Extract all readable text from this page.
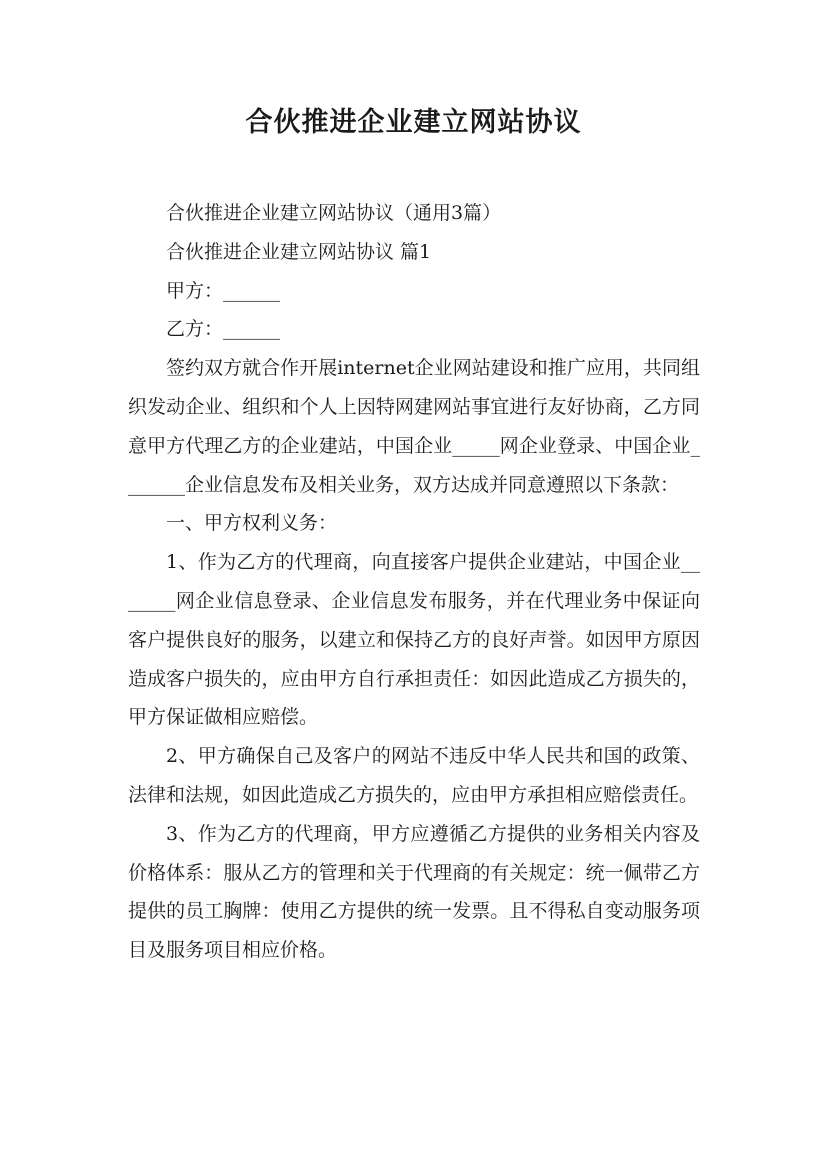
合伙推进企业建立网站协议

合伙推进企业建立网站协议（通用3篇）

合伙推进企业建立网站协议 篇1

甲方：______

乙方：______

签约双方就合作开展internet企业网站建设和推广应用，共同组织发动企业、组织和个人上因特网建网站事宜进行友好协商，乙方同意甲方代理乙方的企业建站，中国企业_____网企业登录、中国企业_______企业信息发布及相关业务，双方达成并同意遵照以下条款：

一、甲方权利义务：

1、作为乙方的代理商，向直接客户提供企业建站，中国企业_______网企业信息登录、企业信息发布服务，并在代理业务中保证向客户提供良好的服务，以建立和保持乙方的良好声誉。如因甲方原因造成客户损失的，应由甲方自行承担责任：如因此造成乙方损失的，甲方保证做相应赔偿。

2、甲方确保自己及客户的网站不违反中华人民共和国的政策、法律和法规，如因此造成乙方损失的，应由甲方承担相应赔偿责任。

3、作为乙方的代理商，甲方应遵循乙方提供的业务相关内容及价格体系：服从乙方的管理和关于代理商的有关规定：统一佩带乙方提供的员工胸牌：使用乙方提供的统一发票。且不得私自变动服务项目及服务项目相应价格。
